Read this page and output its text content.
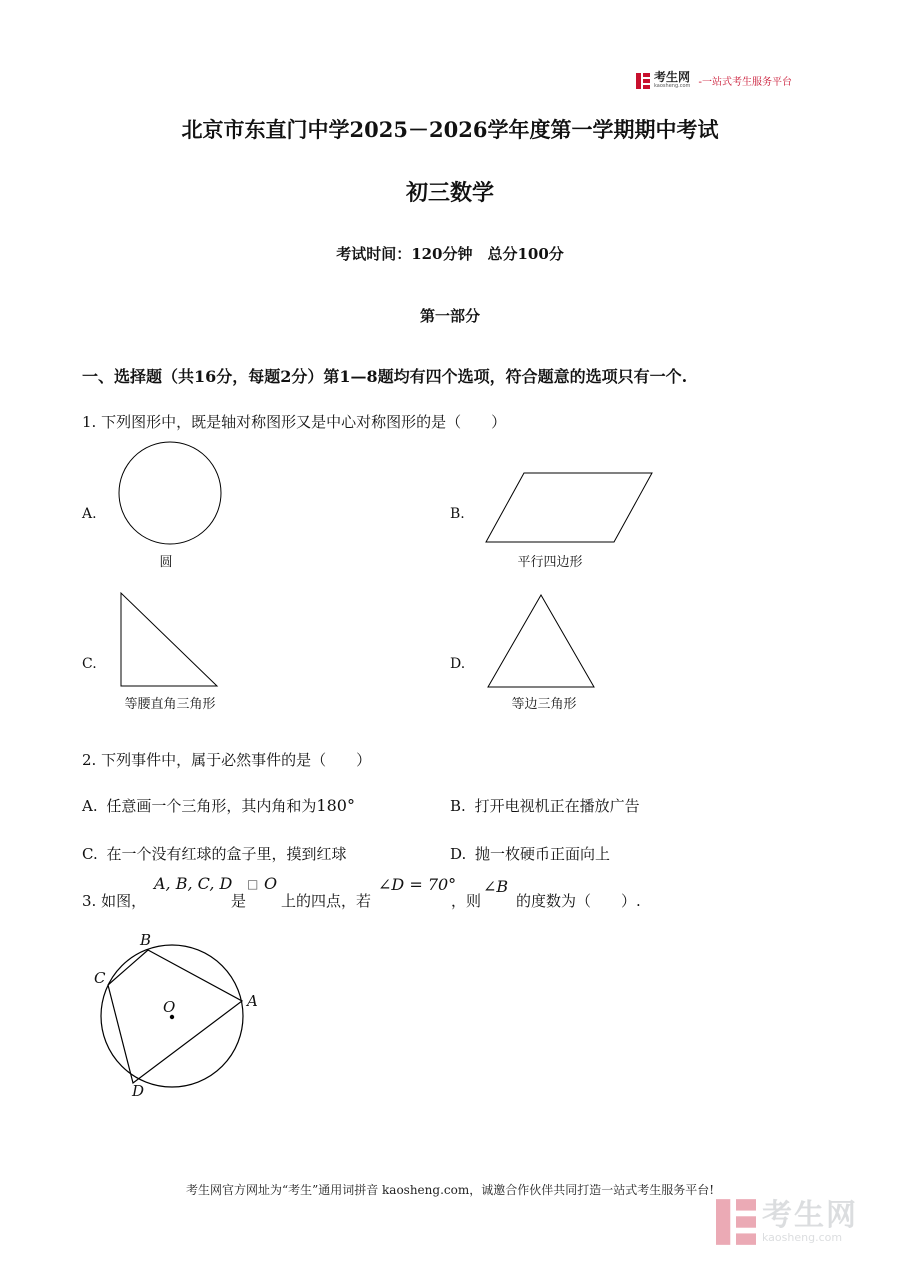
考生网
kaosheng.com -一站式考生服务平台
北京市东直门中学2025－2026学年度第一学期期中考试
初三数学
考试时间：120分钟　总分100分
第一部分
一、选择题（共16分，每题2分）第1—8题均有四个选项，符合题意的选项只有一个.
1. 下列图形中，既是轴对称图形又是中心对称图形的是（　　）
A.
圆
B.
平行四边形
C.
等腰直角三角形
D.
等边三角形
2. 下列事件中，属于必然事件的是（　　）
A. 任意画一个三角形，其内角和为180°	B. 打开电视机正在播放广告
C. 在一个没有红球的盒子里，摸到红球	D. 抛一枚硬币正面向上
3. 如图，
A, B, C, D
是
□ O
上的四点，若
∠D = 70°
，则
∠B
的度数为（　　）.
B
C
A
O
D
考生网官方网址为“考生”通用词拼音 kaosheng.com，诚邀合作伙伴共同打造一站式考生服务平台!
考生网
kaosheng.com
